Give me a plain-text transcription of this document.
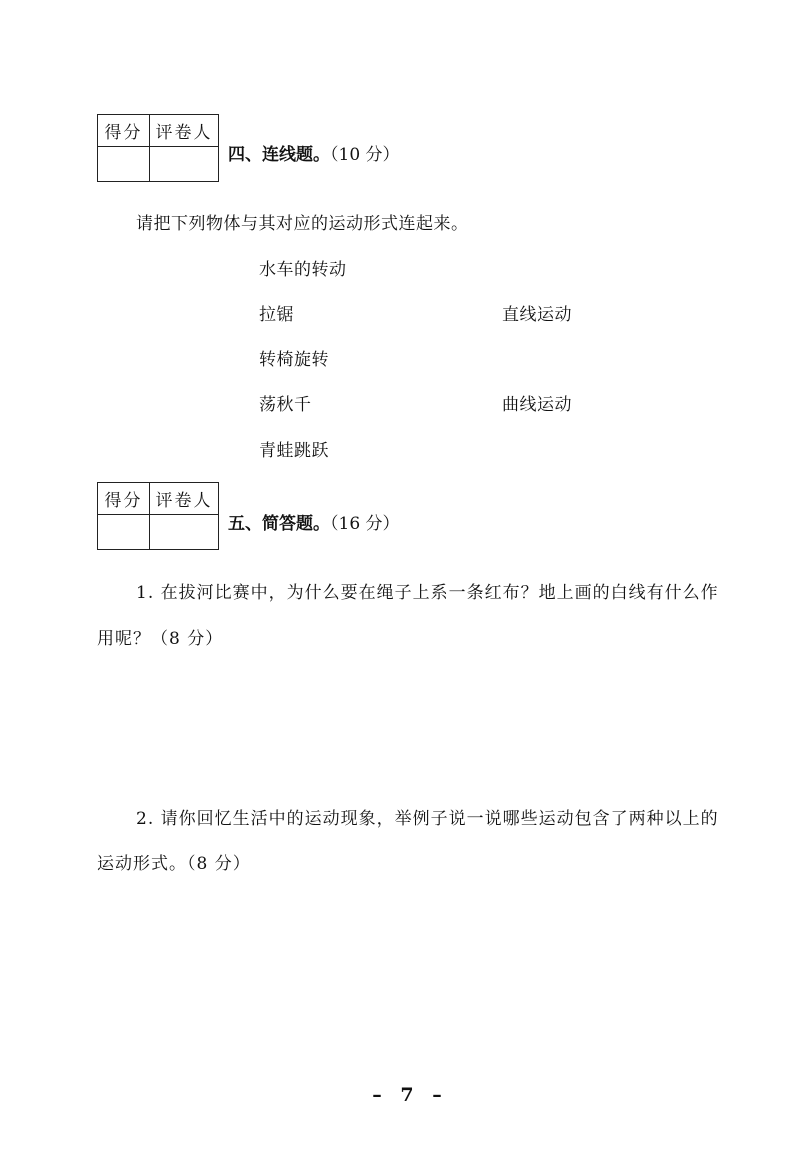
得分	评卷人

四、连线题。（10 分）
请把下列物体与其对应的运动形式连起来。
水车的转动
拉锯
转椅旋转
荡秋千
青蛙跳跃
直线运动
曲线运动
得分	评卷人

五、简答题。（16 分）
1. 在拔河比赛中，为什么要在绳子上系一条红布？地上画的白线有什么作
用呢？（8 分）
2. 请你回忆生活中的运动现象，举例子说一说哪些运动包含了两种以上的
运动形式。（8 分）
– 7 –
